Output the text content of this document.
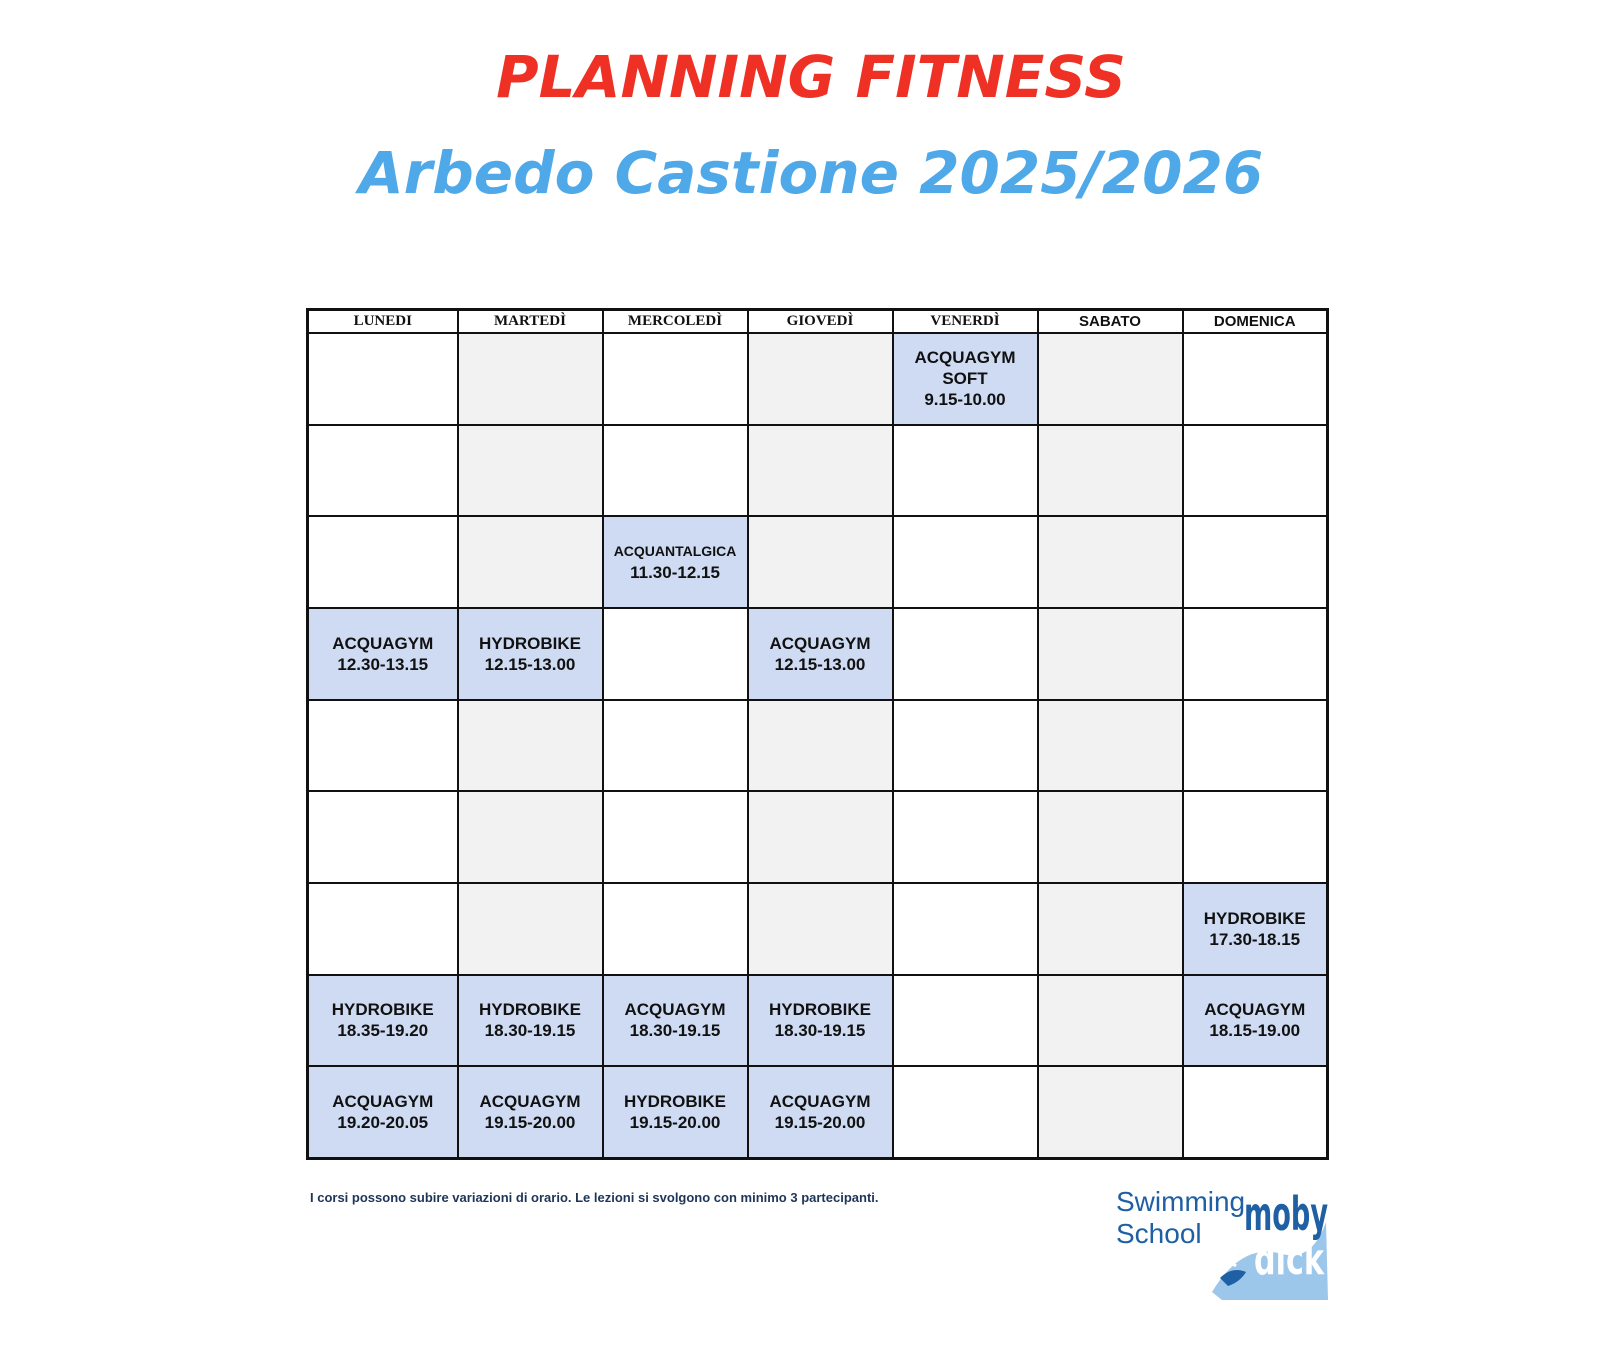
PLANNING FITNESS
Arbedo Castione 2025/2026
LUNEDI	MARTEDÌ	MERCOLEDÌ	GIOVEDÌ	VENERDÌ	SABATO	DOMENICA

				ACQUAGYM SOFT
9.15-10.00		

		ACQUANTALGICA
11.30-12.15				

ACQUAGYM
12.30-13.15	HYDROBIKE
12.15-13.00		ACQUAGYM
12.15-13.00			

						HYDROBIKE
17.30-18.15

HYDROBIKE
18.35-19.20	HYDROBIKE
18.30-19.15	ACQUAGYM
18.30-19.15	HYDROBIKE
18.30-19.15			ACQUAGYM
18.15-19.00

ACQUAGYM
19.20-20.05	ACQUAGYM
19.15-20.00	HYDROBIKE
19.15-20.00	ACQUAGYM
19.15-20.00			

I corsi possono subire variazioni di orario. Le lezioni si svolgono con minimo 3 partecipanti.	Swimming

School moby
dick
